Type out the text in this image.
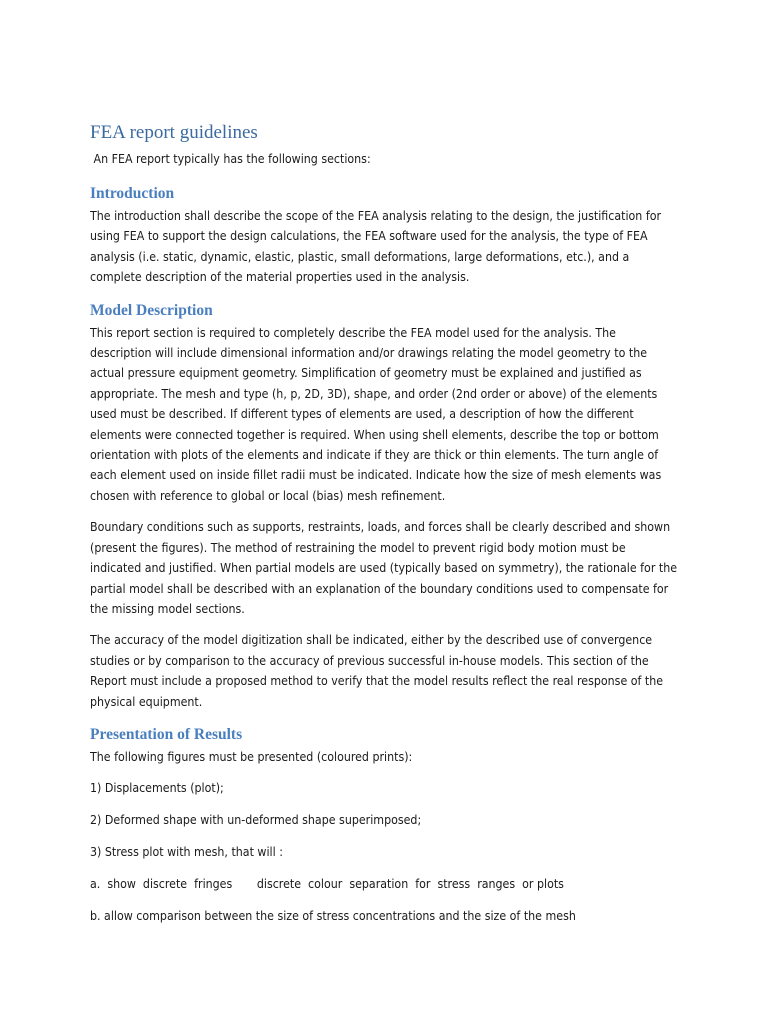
FEA report guidelines

An FEA report typically has the following sections:

Introduction

The introduction shall describe the scope of the FEA analysis relating to the design, the justification for using FEA to support the design calculations, the FEA software used for the analysis, the type of FEA analysis (i.e. static, dynamic, elastic, plastic, small deformations, large deformations, etc.), and a complete description of the material properties used in the analysis.

Model Description

This report section is required to completely describe the FEA model used for the analysis. The description will include dimensional information and/or drawings relating the model geometry to the actual pressure equipment geometry. Simplification of geometry must be explained and justified as appropriate. The mesh and type (h, p, 2D, 3D), shape, and order (2nd order or above) of the elements used must be described. If different types of elements are used, a description of how the different elements were connected together is required. When using shell elements, describe the top or bottom orientation with plots of the elements and indicate if they are thick or thin elements. The turn angle of each element used on inside fillet radii must be indicated. Indicate how the size of mesh elements was chosen with reference to global or local (bias) mesh refinement.

Boundary conditions such as supports, restraints, loads, and forces shall be clearly described and shown (present the figures). The method of restraining the model to prevent rigid body motion must be indicated and justified. When partial models are used (typically based on symmetry), the rationale for the partial model shall be described with an explanation of the boundary conditions used to compensate for the missing model sections.

The accuracy of the model digitization shall be indicated, either by the described use of convergence studies or by comparison to the accuracy of previous successful in-house models. This section of the Report must include a proposed method to verify that the model results reflect the real response of the physical equipment.

Presentation of Results

The following figures must be presented (coloured prints):

1) Displacements (plot);

2) Deformed shape with un-deformed shape superimposed;

3) Stress plot with mesh, that will :

a.  show  discrete  fringes       discrete  colour  separation  for  stress  ranges  or plots

b. allow comparison between the size of stress concentrations and the size of the mesh
